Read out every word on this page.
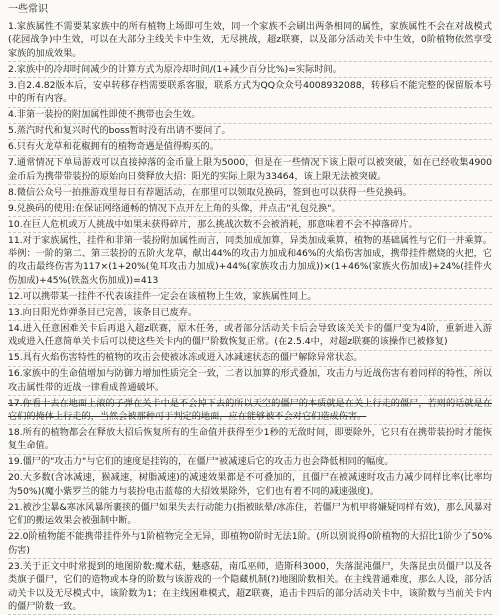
一些常识

1.家族属性不需要某家族中的所有植物上场即可生效，同一个家族不会刷出两条相同的属性，家族属性不会在对战模式(花园战争)中生效，可以在大部分主线关卡中生效，无尽挑战，超z联赛，以及部分活动关卡中生效，0阶植物依然享受家族的加成效果。

2.家族中的冷却时间减少的计算方式为原冷却时间/(1+减少百分比%)=实际时间。

3.自2.4.82版本后，安卓转移存档需要联系客服，联系方式为QQ众众号4008932088，转移后不能完整的保留版本号中的所有内容。

4.非第一装扮的附加属性即使不携带也会生效。

5.蒸汽时代和复兴时代的boss暂时没有出请不要问了。

6.只有火龙草和花椒拥有的植物奇遇是值得购买的。

7.通常情况下单局游戏可以直接掉落的金币量上限为5000，但是在一些情况下该上限可以被突破，如在已经收集4900金币后为携带带装扮的原始向日葵释放大招：阳光的实际上限为33464，该上限无法被突破。

8.微信公众号一拍推游戏里每日有荐题活动，在那里可以领取兑换码，签到也可以获得一些兑换码。

9.兑换码的使用:在保证网络通畅的情况下点开左上角的头像，并点击"礼包兑换"。

10.在巨人危机或万人挑战中如果未获得碎片，那么挑战次数不会被消耗，那意味着不会不掉落碎片。

11.对于家族属性，挂件和非第一装扮附加属性而言，同类加成加算，异类加成乘算，植物的基础属性与它们一并乘算。举例：一阶的第二、第三装扮的五阶火龙草，献出44%的攻击力加成和46%的火焰伤害加成，携带挂件燃烧的火把，它的攻击最终伤害为117×(1+20%(兔耳攻击力加成)+44%(家族攻击力加成))×(1+46%(家族火伤加成)+24%(挂件火伤加成)+45%(铁盔火伤加成))=413

12.可以携带某一挂件不代表该挂件一定会在该植物上生效，家族属性同上。

13.向日阳光炸弹条目已完善，该条目已废弃。

14.进入任意困难关卡后再退入超z联赛，原木任务，或者部分活动关卡后会导致该关关卡的僵尸变为4阶，重新进入游戏或进入任意简单关卡后可以使这些关卡内的僵尸阶数恢复正常。(在2.5.4中，对超z联赛的该操作已被修复)

15.具有火焰伤害特性的植物的攻击会使被冰冻或进入冰减速状态的僵尸解除异常状态。

16.家族中的生命值增加与防御力增加性质完全一致，二者以加算的形式叠加，攻击力与近战伤害有着同样的特性，所以攻击属性带的近战一律看成普通破坏。

17.你看十去在地面上滚的子弹在关卡中是不会掉下去的所以天空的僵尸的本质就是在关上行走的僵尸，若则的话就是在它们的掩体上行走的，当然会被那种可于判定的地面，应在能够被不会对它们造成伤害。

18.所有的植物都会在释放大招后恢复所有的生命值并获得至少1秒的无敌时间，即要除外，它只有在携带装扮时才能恢复生命值。

19.僵尸的"攻击力"与它们的速度是挂钩的，在僵尸"被减速后它的攻击力也会降低相同的幅度。

20.大多数(含冰减速，猴减速，树脂减速)的减速效果都是不可叠加的，且僵尸在被减速时攻击力减少同样比率(比率均为50%)(魔小紫罗兰的能力与装扮电击蓝莓的大招效果除外，它们也有着不同的减速强度)。

21.被沙尘暴&寒冰风暴所裹挟的僵尸如果失去行动能力(指被眩晕/冰冻住，若僵尸为机甲将嫌疑同样有效)，那么风暴对它们的搬运效果会被强制中断。

22.0阶植物能不能携带挂件外与1阶植物完全无异，即植物0阶时无法1阶。(所以别说得0阶植物的大招比1阶少了50%伤害)

23.关于正文中时常提到的地图阶数:魔术菇，魅惑菇，南瓜巫师，造斯科3000，失落混沌僵尸，失落昆虫员僵尸以及各类旗子僵尸，它们的造物或本身的阶数与该游戏的一个隐藏机制(?)地图阶数相关。在主线普通难度，那么人设，部分活动关卡以及无尽模式中，该阶数为1；在主线困难模式，超Z联赛，追击卡四后的部分活动关卡中，该阶数与当前关卡内的僵尸阶数一致。
